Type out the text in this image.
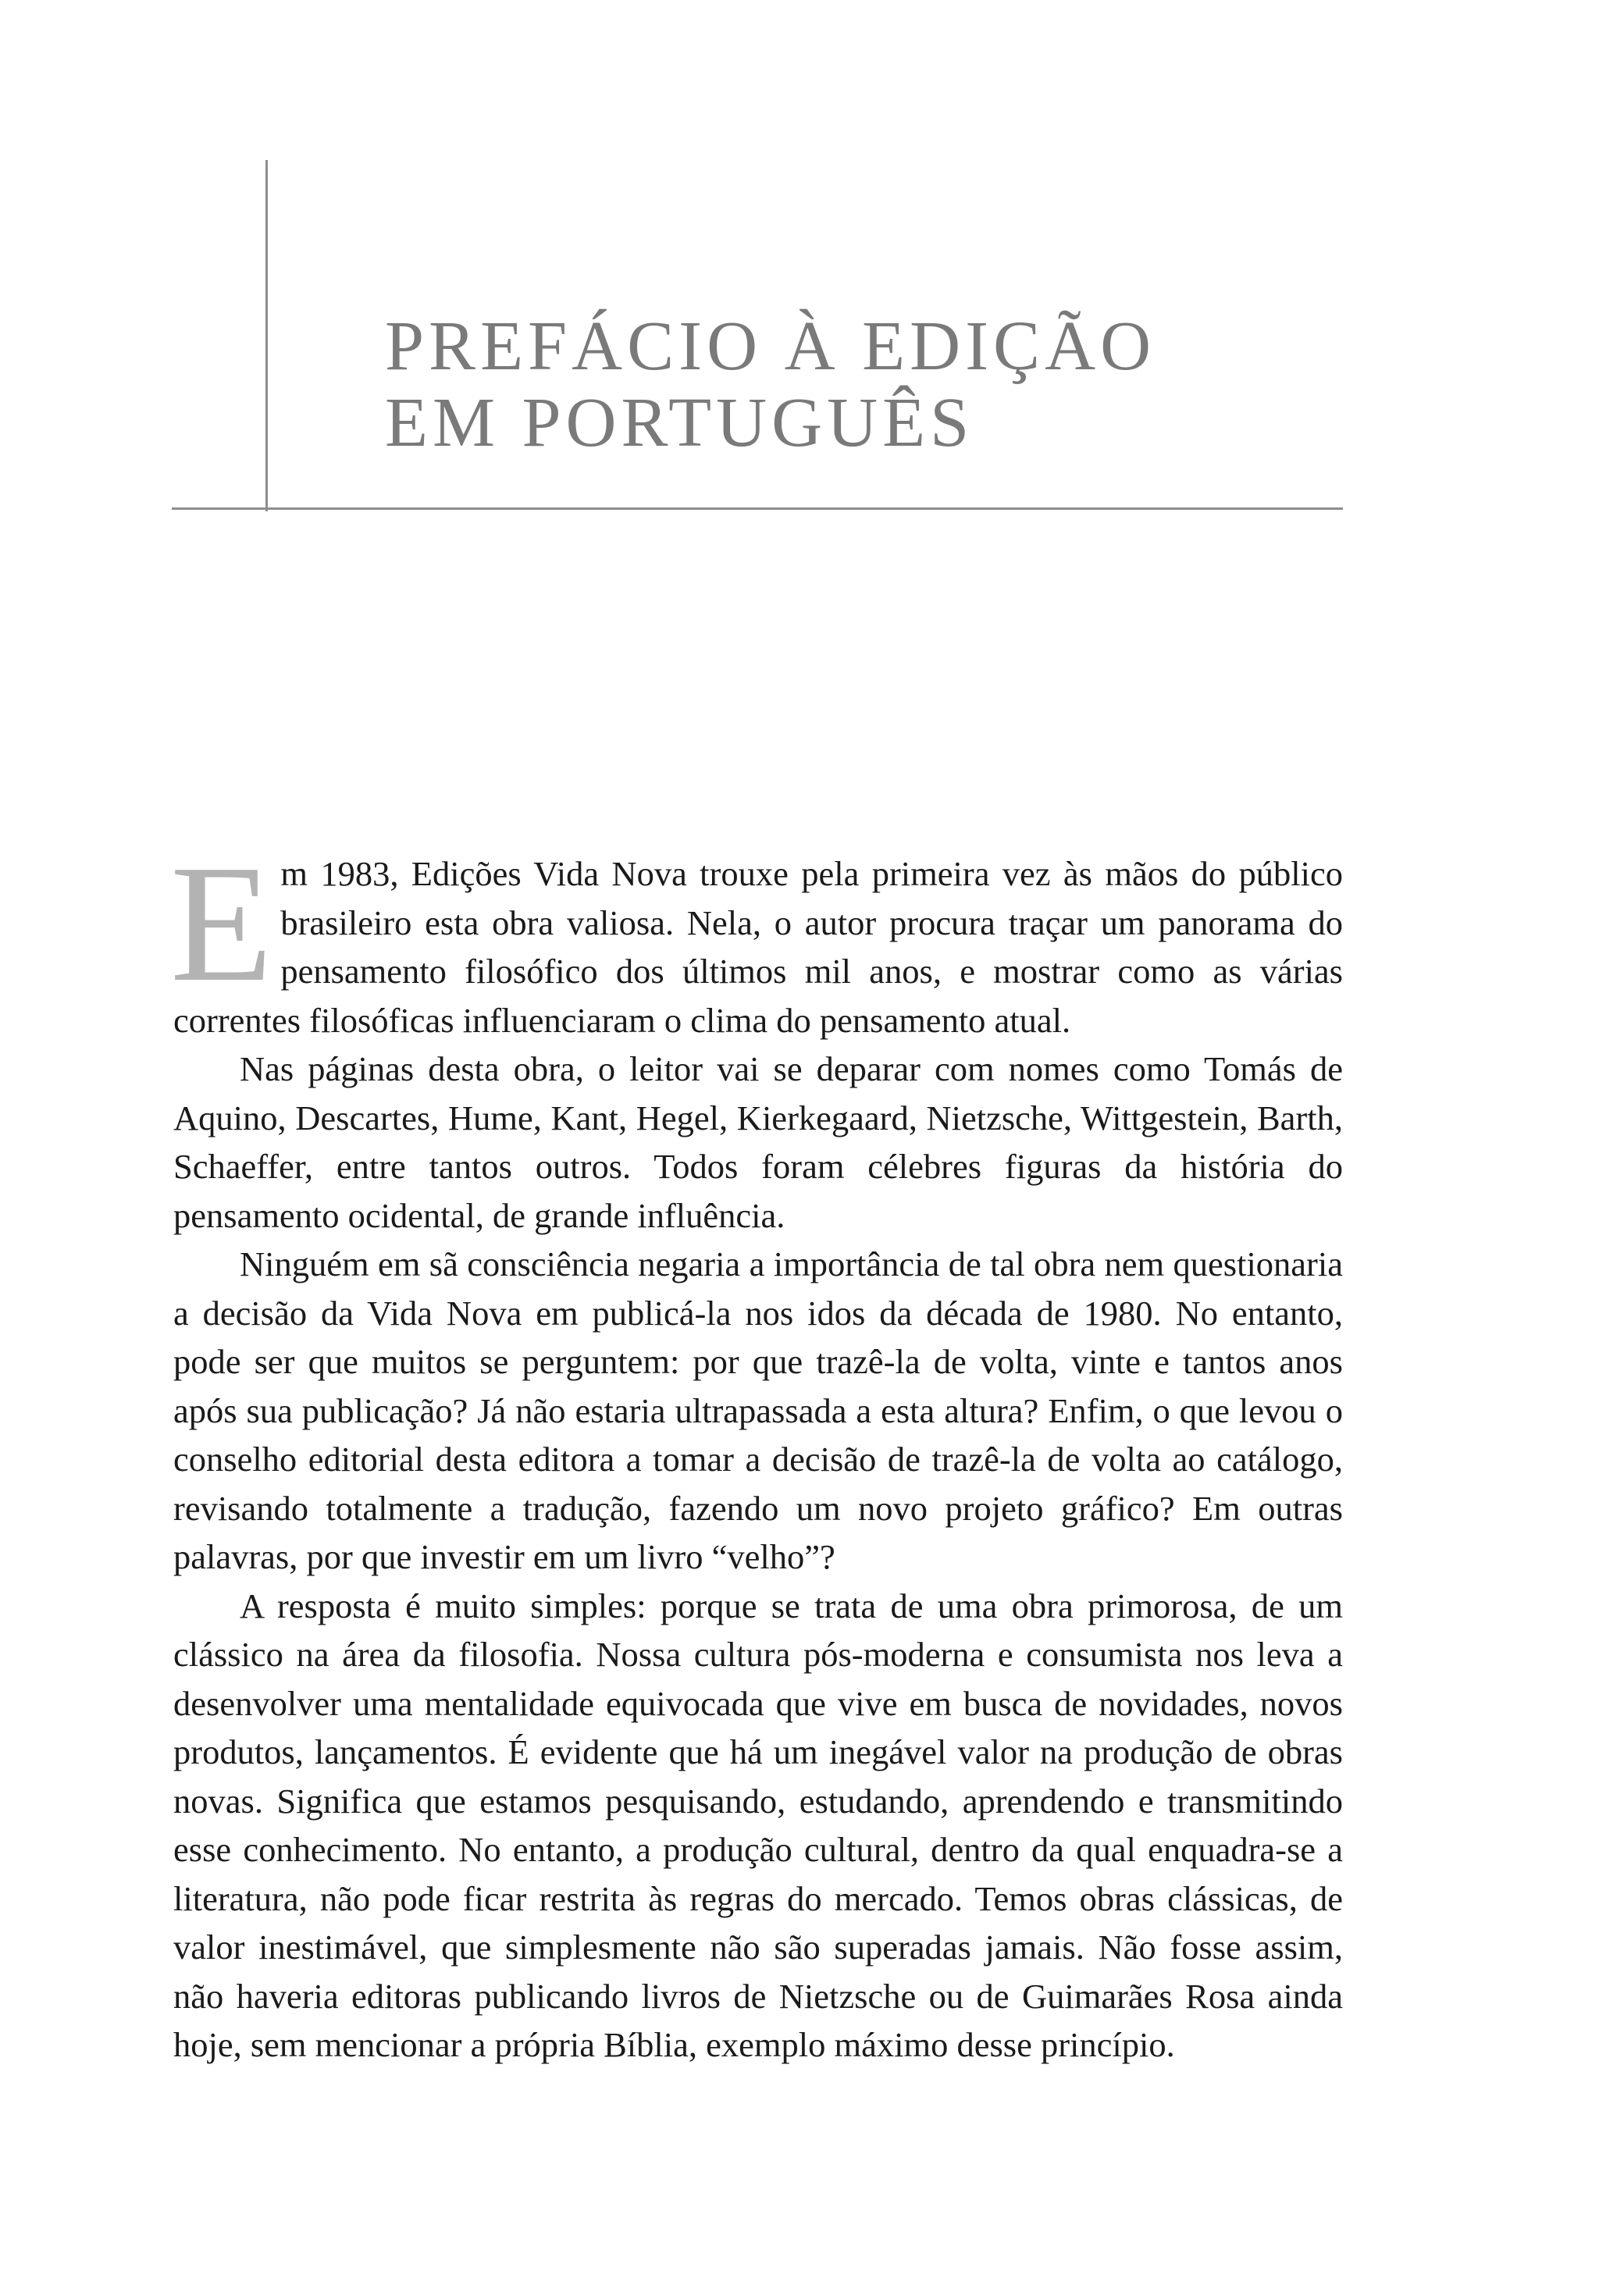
PREFÁCIO À EDIÇÃO
EM PORTUGUÊS

Em 1983, Edições Vida Nova trouxe pela primeira vez às mãos do público brasileiro esta obra valiosa. Nela, o autor procura traçar um panorama do pensamento filosófico dos últimos mil anos, e mostrar como as várias correntes filosóficas influenciaram o clima do pensamento atual.

Nas páginas desta obra, o leitor vai se deparar com nomes como Tomás de Aquino, Descartes, Hume, Kant, Hegel, Kierkegaard, Nietzsche, Wittgestein, Barth, Schaeffer, entre tantos outros. Todos foram célebres figuras da história do pensamento ocidental, de grande influência.

Ninguém em sã consciência negaria a importância de tal obra nem questionaria a decisão da Vida Nova em publicá-la nos idos da década de 1980. No entanto, pode ser que muitos se perguntem: por que trazê-la de volta, vinte e tantos anos após sua publicação? Já não estaria ultrapassada a esta altura? Enfim, o que levou o conselho editorial desta editora a tomar a decisão de trazê-la de volta ao catálogo, revisando totalmente a tradução, fazendo um novo projeto gráfico? Em outras palavras, por que investir em um livro “velho”?

A resposta é muito simples: porque se trata de uma obra primorosa, de um clássico na área da filosofia. Nossa cultura pós-moderna e consumista nos leva a desenvolver uma mentalidade equivocada que vive em busca de novidades, novos produtos, lançamentos. É evidente que há um inegável valor na produção de obras novas. Significa que estamos pesquisando, estudando, aprendendo e transmitindo esse conhecimento. No entanto, a produção cultural, dentro da qual enquadra-se a literatura, não pode ficar restrita às regras do mercado. Temos obras clássicas, de valor inestimável, que simplesmente não são superadas jamais. Não fosse assim, não haveria editoras publicando livros de Nietzsche ou de Guimarães Rosa ainda hoje, sem mencionar a própria Bíblia, exemplo máximo desse princípio.
